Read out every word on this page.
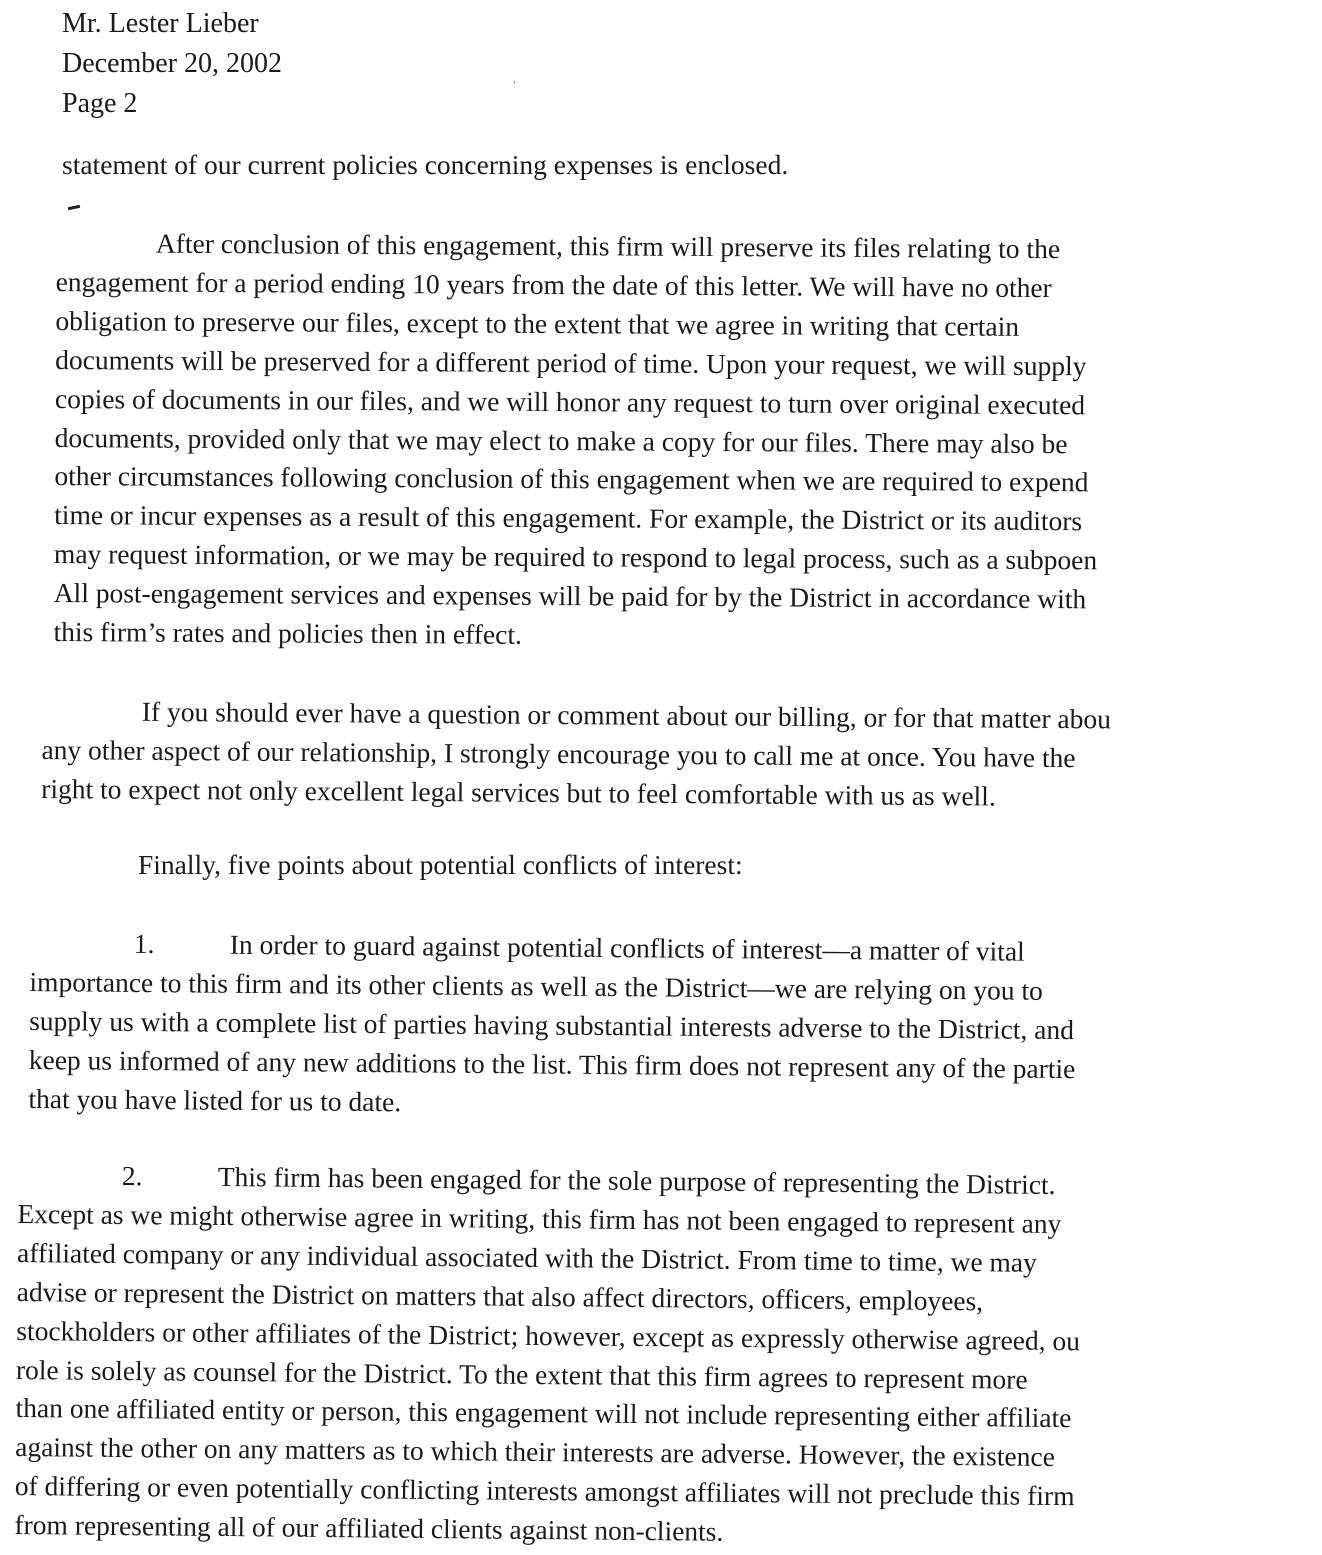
Mr. Lester Lieber
December 20, 2002
Page 2
ʾ
statement of our current policies concerning expenses is enclosed.
After conclusion of this engagement, this firm will preserve its files relating to the
engagement for a period ending 10 years from the date of this letter. We will have no other
obligation to preserve our files, except to the extent that we agree in writing that certain
documents will be preserved for a different period of time. Upon your request, we will supply
copies of documents in our files, and we will honor any request to turn over original executed
documents, provided only that we may elect to make a copy for our files. There may also be
other circumstances following conclusion of this engagement when we are required to expend
time or incur expenses as a result of this engagement. For example, the District or its auditors
may request information, or we may be required to respond to legal process, such as a subpoen
All post-engagement services and expenses will be paid for by the District in accordance with
this firm’s rates and policies then in effect.
If you should ever have a question or comment about our billing, or for that matter abou
any other aspect of our relationship, I strongly encourage you to call me at once. You have the
right to expect not only excellent legal services but to feel comfortable with us as well.
Finally, five points about potential conflicts of interest:
1.	In order to guard against potential conflicts of interest—a matter of vital
importance to this firm and its other clients as well as the District—we are relying on you to
supply us with a complete list of parties having substantial interests adverse to the District, and
keep us informed of any new additions to the list. This firm does not represent any of the partie
that you have listed for us to date.
2.	This firm has been engaged for the sole purpose of representing the District.
Except as we might otherwise agree in writing, this firm has not been engaged to represent any
affiliated company or any individual associated with the District. From time to time, we may
advise or represent the District on matters that also affect directors, officers, employees,
stockholders or other affiliates of the District; however, except as expressly otherwise agreed, ou
role is solely as counsel for the District. To the extent that this firm agrees to represent more
than one affiliated entity or person, this engagement will not include representing either affiliate
against the other on any matters as to which their interests are adverse. However, the existence
of differing or even potentially conflicting interests amongst affiliates will not preclude this firm
from representing all of our affiliated clients against non-clients.
